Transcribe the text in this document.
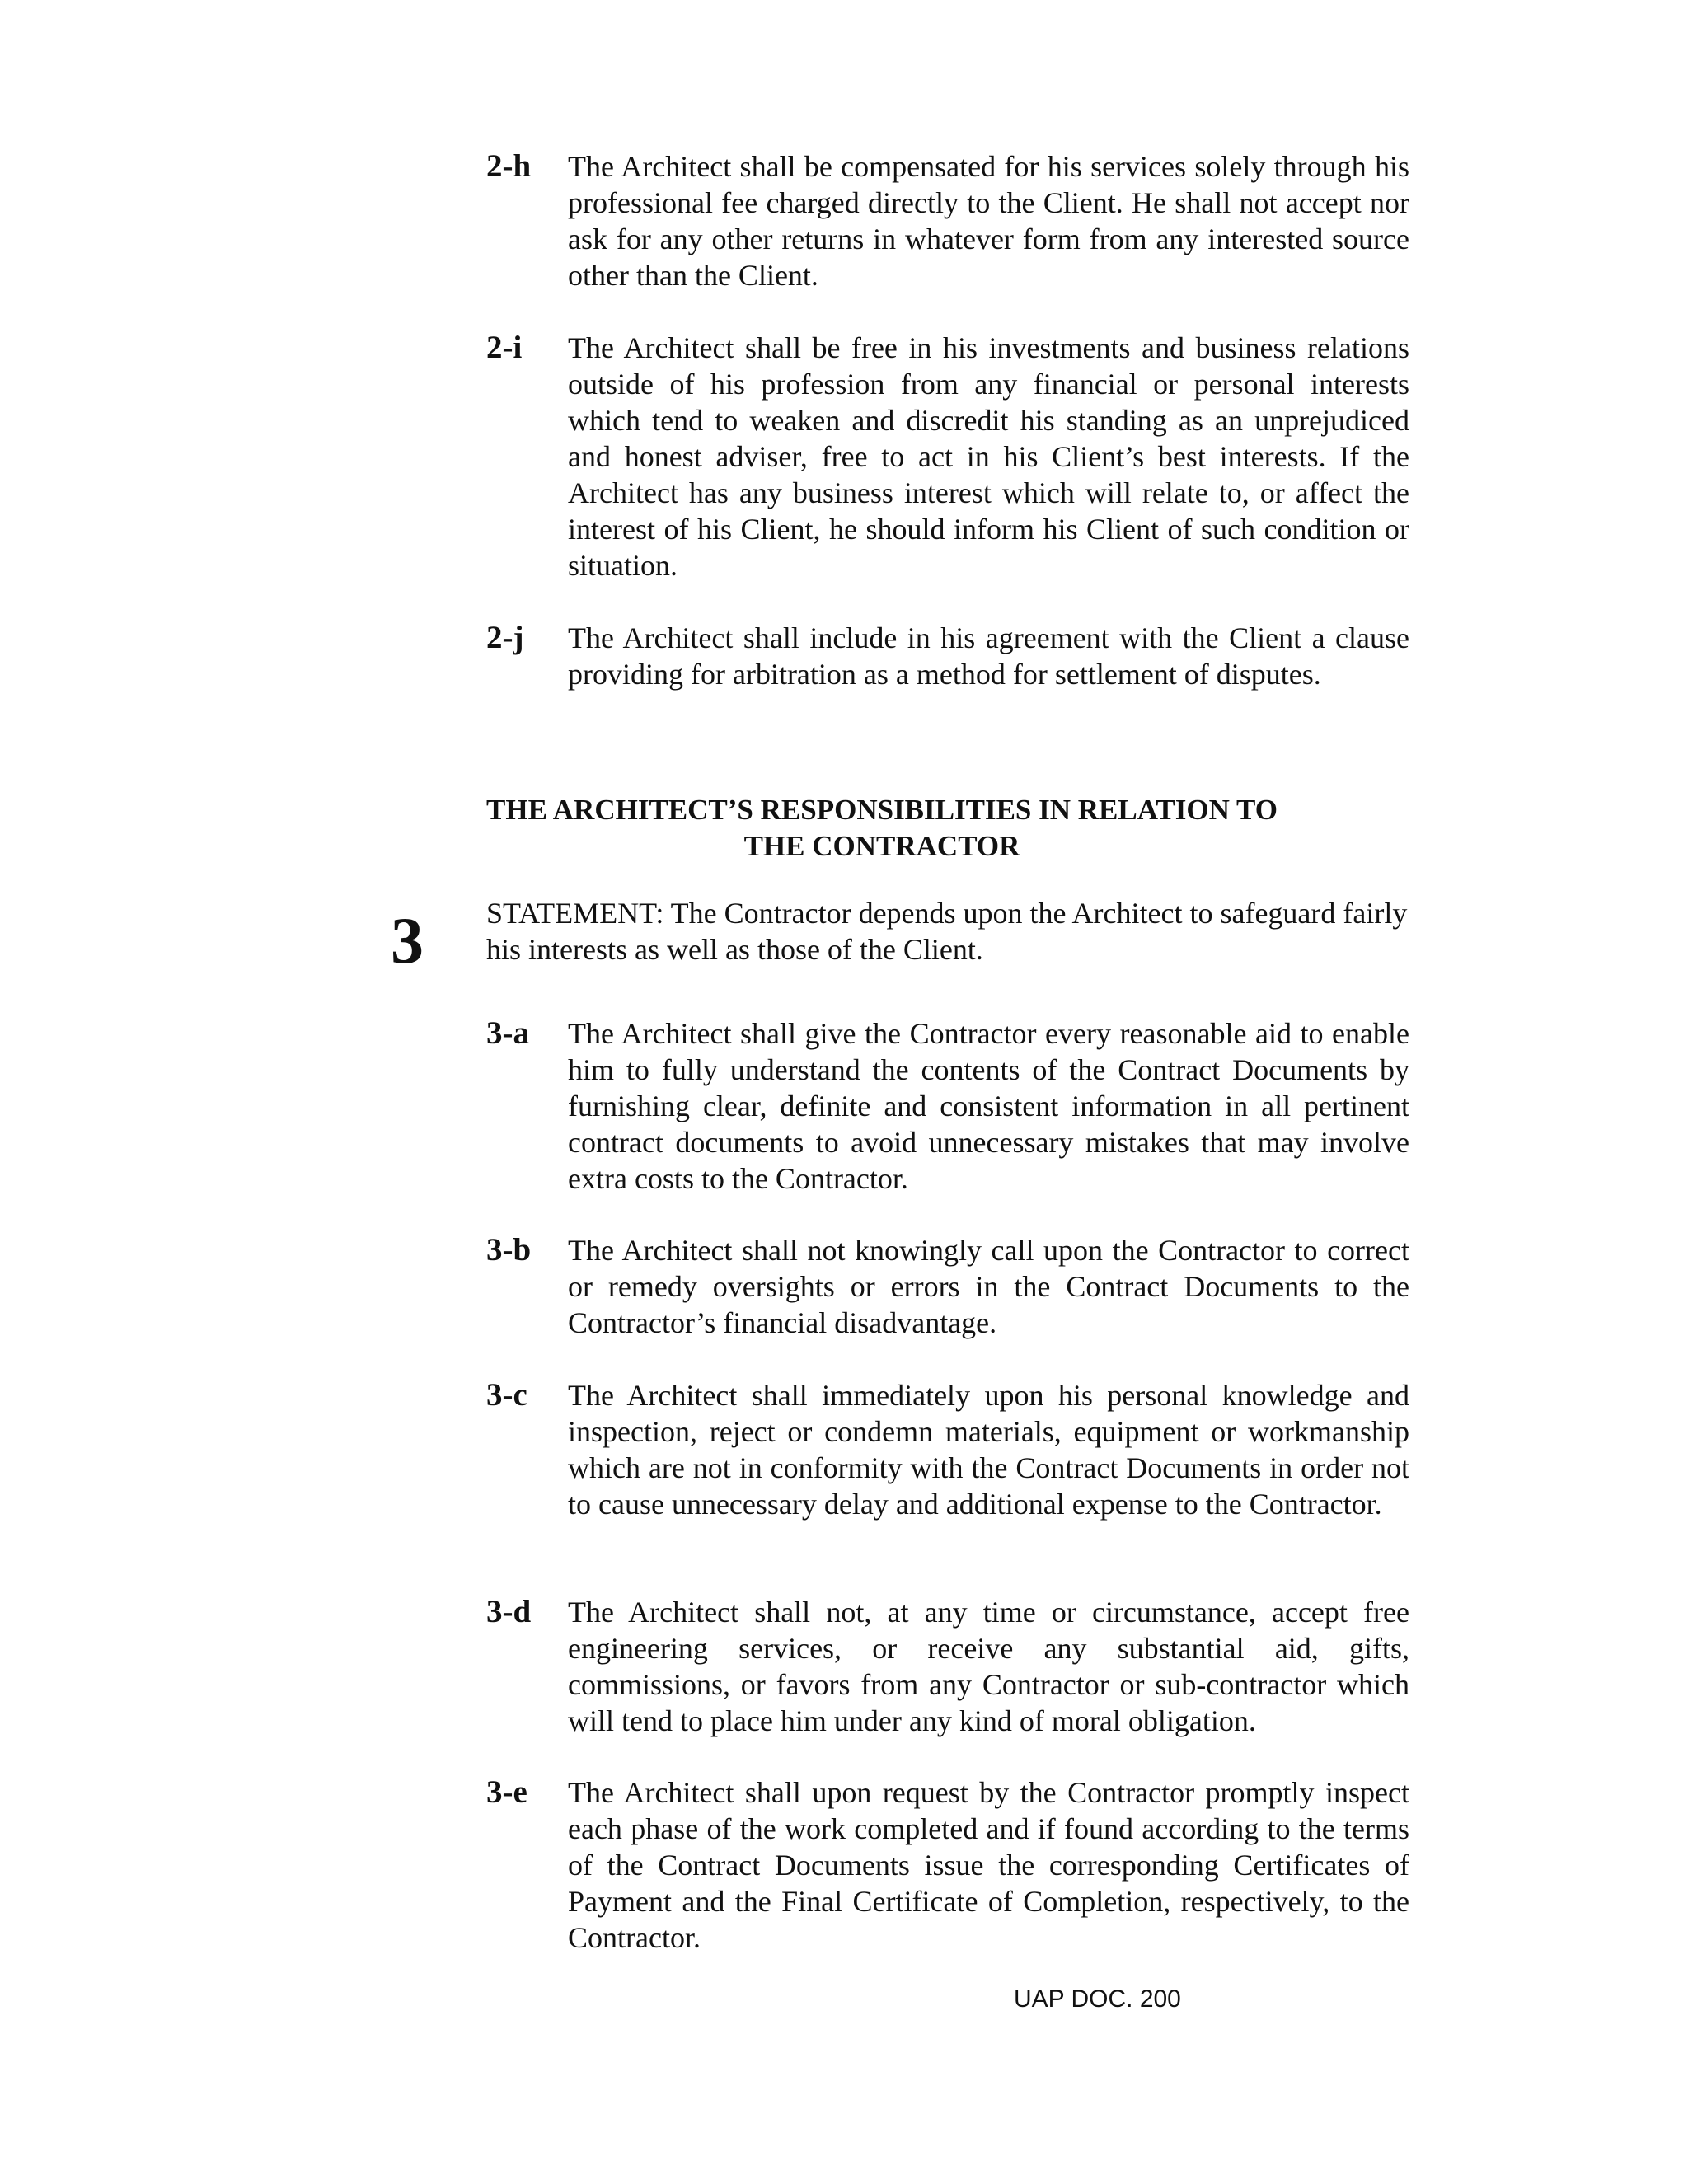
2-h	The Architect shall be compensated for his services solely through his professional fee charged directly to the Client. He shall not accept nor ask for any other returns in whatever form from any interested source other than the Client.
2-i	The Architect shall be free in his investments and business relations outside of his profession from any financial or personal interests which tend to weaken and discredit his standing as an unprejudiced and honest adviser, free to act in his Client’s best interests. If the Architect has any business interest which will relate to, or affect the interest of his Client, he should inform his Client of such condition or situation.
2-j	The Architect shall include in his agreement with the Client a clause providing for arbitration as a method for settlement of disputes.
THE ARCHITECT’S RESPONSIBILITIES IN RELATION TO
THE CONTRACTOR
3 STATEMENT: The Contractor depends upon the Architect to safeguard fairly his interests as well as those of the Client.
3-a	The Architect shall give the Contractor every reasonable aid to enable him to fully understand the contents of the Contract Documents by furnishing clear, definite and consistent information in all pertinent contract documents to avoid unnecessary mistakes that may involve extra costs to the Contractor.
3-b	The Architect shall not knowingly call upon the Contractor to correct or remedy oversights or errors in the Contract Documents to the Contractor’s financial disadvantage.
3-c	The Architect shall immediately upon his personal knowledge and inspection, reject or condemn materials, equipment or workmanship which are not in conformity with the Contract Documents in order not to cause unnecessary delay and additional expense to the Contractor.
3-d	The Architect shall not, at any time or circumstance, accept free engineering services, or receive any substantial aid, gifts, commissions, or favors from any Contractor or sub-contractor which will tend to place him under any kind of moral obligation.
3-e	The Architect shall upon request by the Contractor promptly inspect each phase of the work completed and if found according to the terms of the Contract Documents issue the corresponding Certificates of Payment and the Final Certificate of Completion, respectively, to the Contractor.
UAP DOC. 200
